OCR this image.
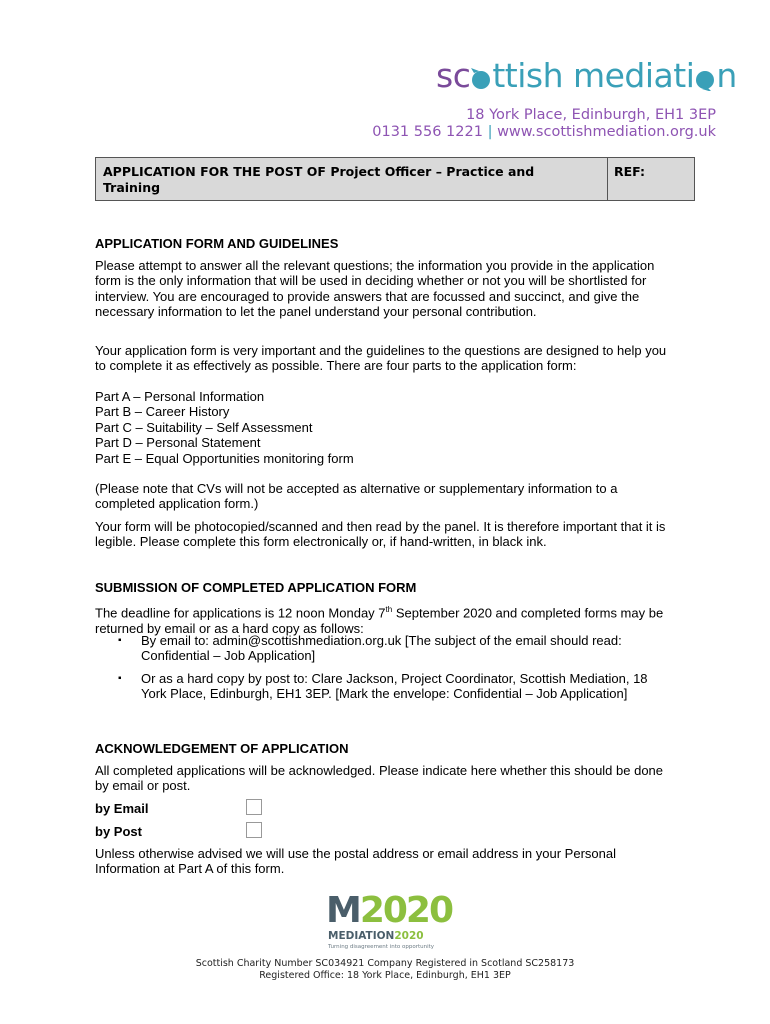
sc ttish mediati n
18 York Place, Edinburgh, EH1 3EP
0131 556 1221 | www.scottishmediation.org.uk
APPLICATION FOR THE POST OF Project Officer – Practice and Training
REF:
APPLICATION FORM AND GUIDELINES
Please attempt to answer all the relevant questions; the information you provide in the application form is the only information that will be used in deciding whether or not you will be shortlisted for interview. You are encouraged to provide answers that are focussed and succinct, and give the necessary information to let the panel understand your personal contribution.
Your application form is very important and the guidelines to the questions are designed to help you to complete it as effectively as possible. There are four parts to the application form:
Part A – Personal Information
Part B – Career History
Part C – Suitability – Self Assessment
Part D – Personal Statement
Part E – Equal Opportunities monitoring form
(Please note that CVs will not be accepted as alternative or supplementary information to a completed application form.)
Your form will be photocopied/scanned and then read by the panel. It is therefore important that it is legible. Please complete this form electronically or, if hand-written, in black ink.
SUBMISSION OF COMPLETED APPLICATION FORM
The deadline for applications is 12 noon Monday 7th September 2020 and completed forms may be returned by email or as a hard copy as follows:
▪ By email to: admin@scottishmediation.org.uk [The subject of the email should read: Confidential – Job Application]
▪ Or as a hard copy by post to: Clare Jackson, Project Coordinator, Scottish Mediation, 18 York Place, Edinburgh, EH1 3EP. [Mark the envelope: Confidential – Job Application]
ACKNOWLEDGEMENT OF APPLICATION
All completed applications will be acknowledged. Please indicate here whether this should be done by email or post.
by Email
by Post
Unless otherwise advised we will use the postal address or email address in your Personal Information at Part A of this form.
M2020
MEDIATION2020
Turning disagreement into opportunity
Scottish Charity Number SC034921 Company Registered in Scotland SC258173
Registered Office: 18 York Place, Edinburgh, EH1 3EP
